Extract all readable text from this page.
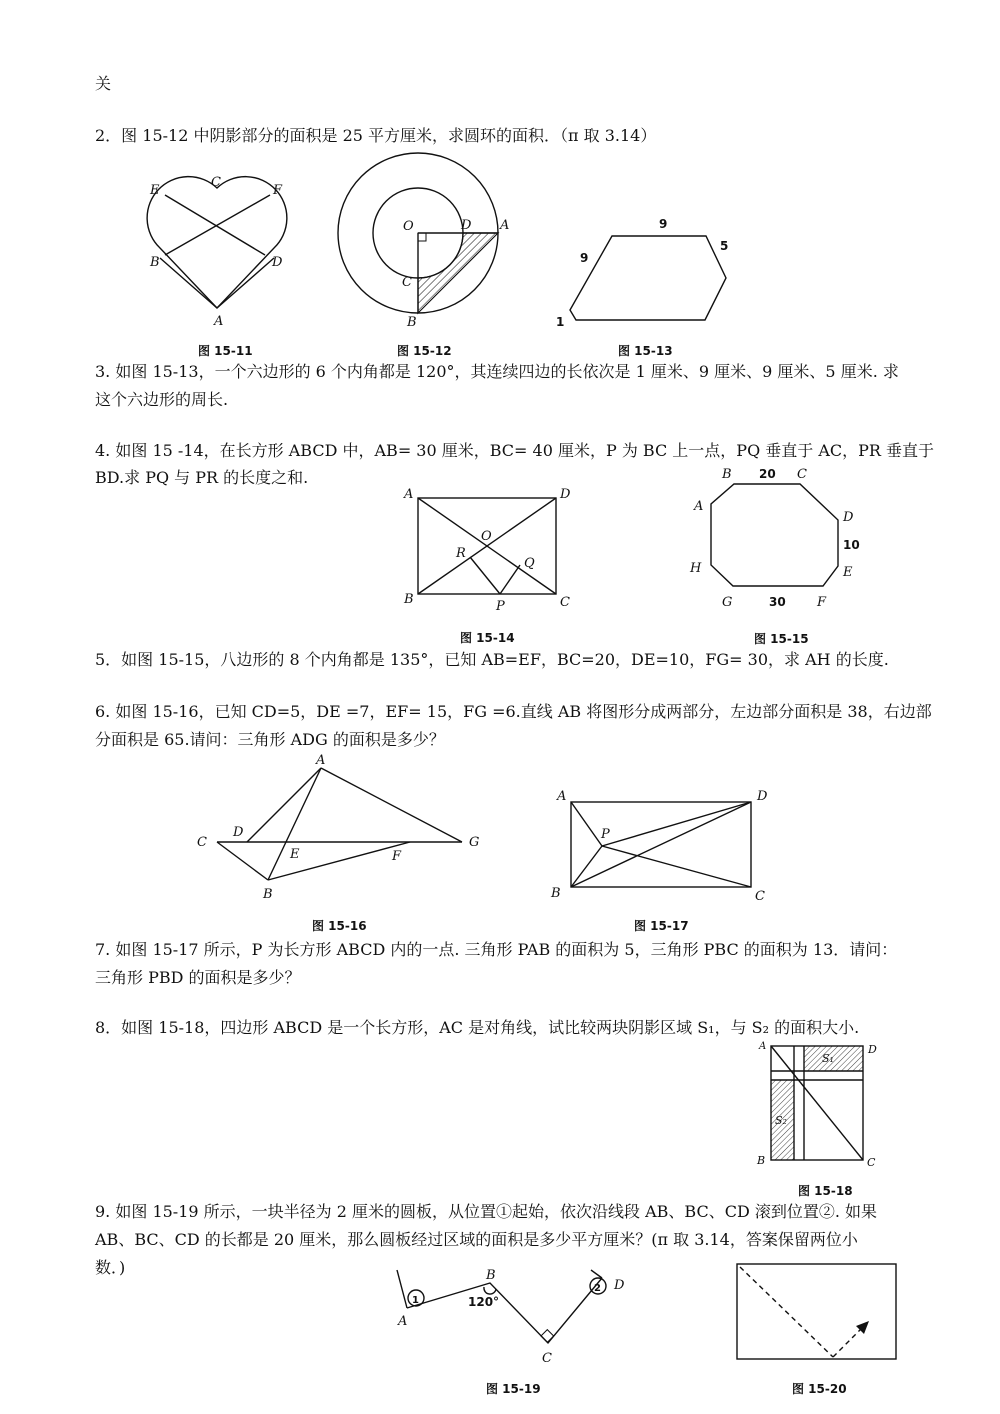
关
2．图 15-12 中阴影部分的面积是 25 平方厘米，求圆环的面积．（π 取 3.14）
3. 如图 15-13，一个六边形的 6 个内角都是 120°，其连续四边的长依次是 1 厘米、9 厘米、9 厘米、5 厘米. 求
这个六边形的周长.
4. 如图 15 -14，在长方形 ABCD 中，AB= 30 厘米，BC= 40 厘米，P 为 BC 上一点，PQ 垂直于 AC，PR 垂直于
BD.求 PQ 与 PR 的长度之和.
5．如图 15-15，八边形的 8 个内角都是 135°，已知 AB=EF，BC=20，DE=10，FG= 30，求 AH 的长度.
6. 如图 15-16，已知 CD=5，DE =7，EF= 15，FG =6.直线 AB 将图形分成两部分，左边部分面积是 38，右边部
分面积是 65.请问：三角形 ADG 的面积是多少？
7. 如图 15-17 所示，P 为长方形 ABCD 内的一点. 三角形 PAB 的面积为 5，三角形 PBC 的面积为 13．请问：
三角形 PBD 的面积是多少？
8．如图 15-18，四边形 ABCD 是一个长方形，AC 是对角线，试比较两块阴影区域 S₁，与 S₂ 的面积大小.
9. 如图 15-19 所示，一块半径为 2 厘米的圆板，从位置①起始，依次沿线段 AB、BC、CD 滚到位置②. 如果
AB、BC、CD 的长都是 20 厘米，那么圆板经过区域的面积是多少平方厘米？(π 取 3.14，答案保留两位小
数．)
图 15-11	图 15-12	图 15-13
图 15-14	图 15-15
图 15-16	图 15-17
图 15-18
图 15-19	图 15-20
E
C
F
B	D
A
O	D A
C
B
9
9
5
1
A	D
B	C
O
R
Q
P
B 20 C
A
D
10
E
H
G	30 F
A
C
D
E	F
G
B
A	D
P
B	C
A	D
S₁
S₂
B	C
1
2
B
120°
A
C
D
